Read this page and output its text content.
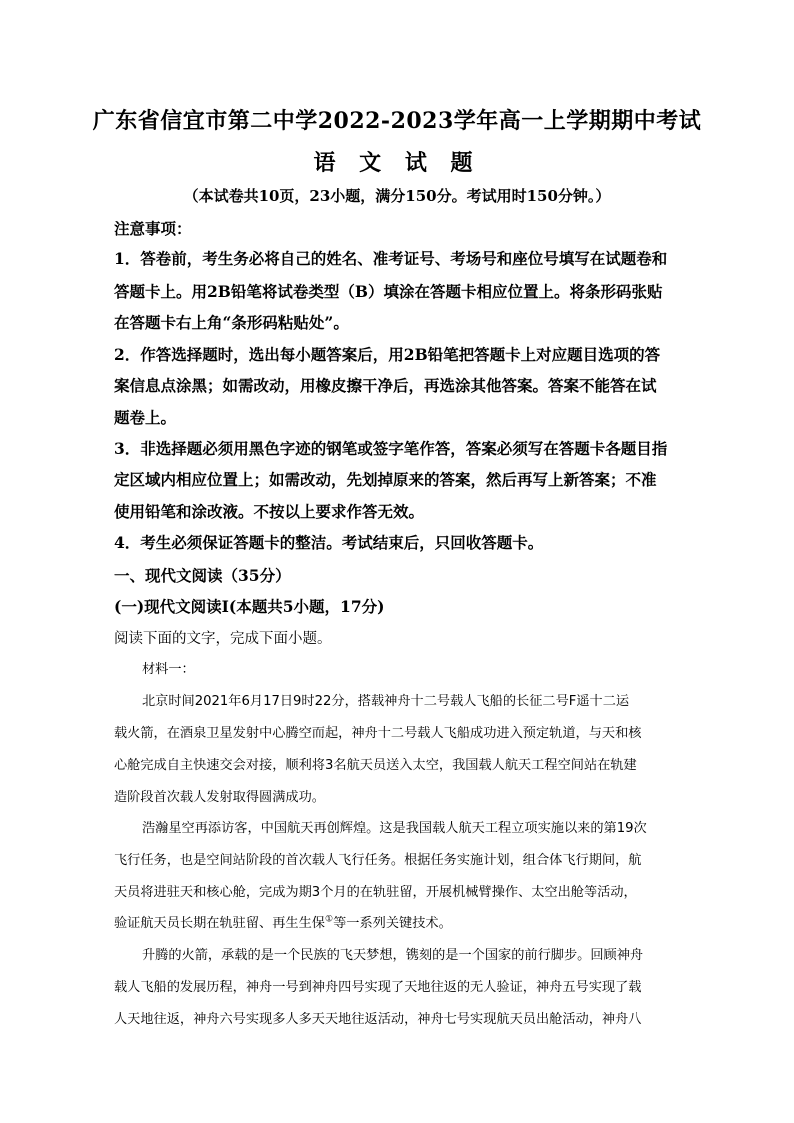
广东省信宜市第二中学2022-2023学年高一上学期期中考试
语 文 试 题
（本试卷共10页，23小题，满分150分。考试用时150分钟。）
注意事项：
1．答卷前，考生务必将自己的姓名、准考证号、考场号和座位号填写在试题卷和
答题卡上。用2B铅笔将试卷类型（B）填涂在答题卡相应位置上。将条形码张贴
在答题卡右上角“条形码粘贴处”。
2．作答选择题时，选出每小题答案后，用2B铅笔把答题卡上对应题目选项的答
案信息点涂黑；如需改动，用橡皮擦干净后，再选涂其他答案。答案不能答在试
题卷上。
3．非选择题必须用黑色字迹的钢笔或签字笔作答，答案必须写在答题卡各题目指
定区域内相应位置上；如需改动，先划掉原来的答案，然后再写上新答案；不准
使用铅笔和涂改液。不按以上要求作答无效。
4．考生必须保证答题卡的整洁。考试结束后，只回收答题卡。
一、现代文阅读（35分）
(一)现代文阅读Ⅰ(本题共5小题，17分)
阅读下面的文字，完成下面小题。
材料一：
北京时间2021年6月17日9时22分，搭载神舟十二号载人飞船的长征二号F遥十二运
载火箭，在酒泉卫星发射中心腾空而起，神舟十二号载人飞船成功进入预定轨道，与天和核
心舱完成自主快速交会对接，顺利将3名航天员送入太空，我国载人航天工程空间站在轨建
造阶段首次载人发射取得圆满成功。
浩瀚星空再添访客，中国航天再创辉煌。这是我国载人航天工程立项实施以来的第19次
飞行任务，也是空间站阶段的首次载人飞行任务。根据任务实施计划，组合体飞行期间，航
天员将进驻天和核心舱，完成为期3个月的在轨驻留，开展机械臂操作、太空出舱等活动，
验证航天员长期在轨驻留、再生生保①等一系列关键技术。
升腾的火箭，承载的是一个民族的飞天梦想，镌刻的是一个国家的前行脚步。回顾神舟
载人飞船的发展历程，神舟一号到神舟四号实现了天地往返的无人验证，神舟五号实现了载
人天地往返，神舟六号实现多人多天天地往返活动，神舟七号实现航天员出舱活动，神舟八
